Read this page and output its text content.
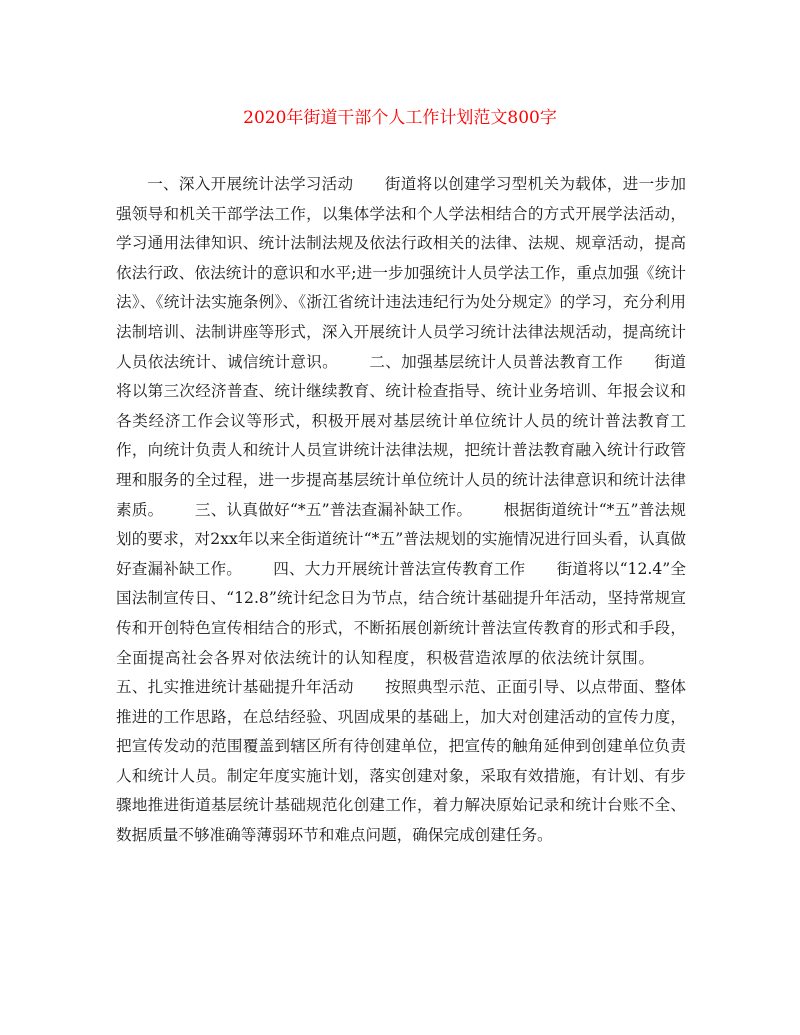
2020年街道干部个人工作计划范文800字

一、深入开展统计法学习活动 街道将以创建学习型机关为载体，进一步加强领导和机关干部学法工作，以集体学法和个人学法相结合的方式开展学法活动，学习通用法律知识、统计法制法规及依法行政相关的法律、法规、规章活动，提高依法行政、依法统计的意识和水平;进一步加强统计人员学法工作，重点加强《统计法》、《统计法实施条例》、《浙江省统计违法违纪行为处分规定》的学习，充分利用法制培训、法制讲座等形式，深入开展统计人员学习统计法律法规活动，提高统计人员依法统计、诚信统计意识。 二、加强基层统计人员普法教育工作 街道将以第三次经济普查、统计继续教育、统计检查指导、统计业务培训、年报会议和各类经济工作会议等形式，积极开展对基层统计单位统计人员的统计普法教育工作，向统计负责人和统计人员宣讲统计法律法规，把统计普法教育融入统计行政管理和服务的全过程，进一步提高基层统计单位统计人员的统计法律意识和统计法律素质。 三、认真做好“*五”普法查漏补缺工作。 根据街道统计“*五”普法规划的要求，对2xx年以来全街道统计“*五”普法规划的实施情况进行回头看，认真做好查漏补缺工作。 四、大力开展统计普法宣传教育工作 街道将以“12.4”全国法制宣传日、“12.8”统计纪念日为节点，结合统计基础提升年活动，坚持常规宣传和开创特色宣传相结合的形式，不断拓展创新统计普法宣传教育的形式和手段，全面提高社会各界对依法统计的认知程度，积极营造浓厚的依法统计氛围。五、扎实推进统计基础提升年活动 按照典型示范、正面引导、以点带面、整体推进的工作思路，在总结经验、巩固成果的基础上，加大对创建活动的宣传力度，把宣传发动的范围覆盖到辖区所有待创建单位，把宣传的触角延伸到创建单位负责人和统计人员。制定年度实施计划，落实创建对象，采取有效措施，有计划、有步骤地推进街道基层统计基础规范化创建工作，着力解决原始记录和统计台账不全、数据质量不够准确等薄弱环节和难点问题，确保完成创建任务。
